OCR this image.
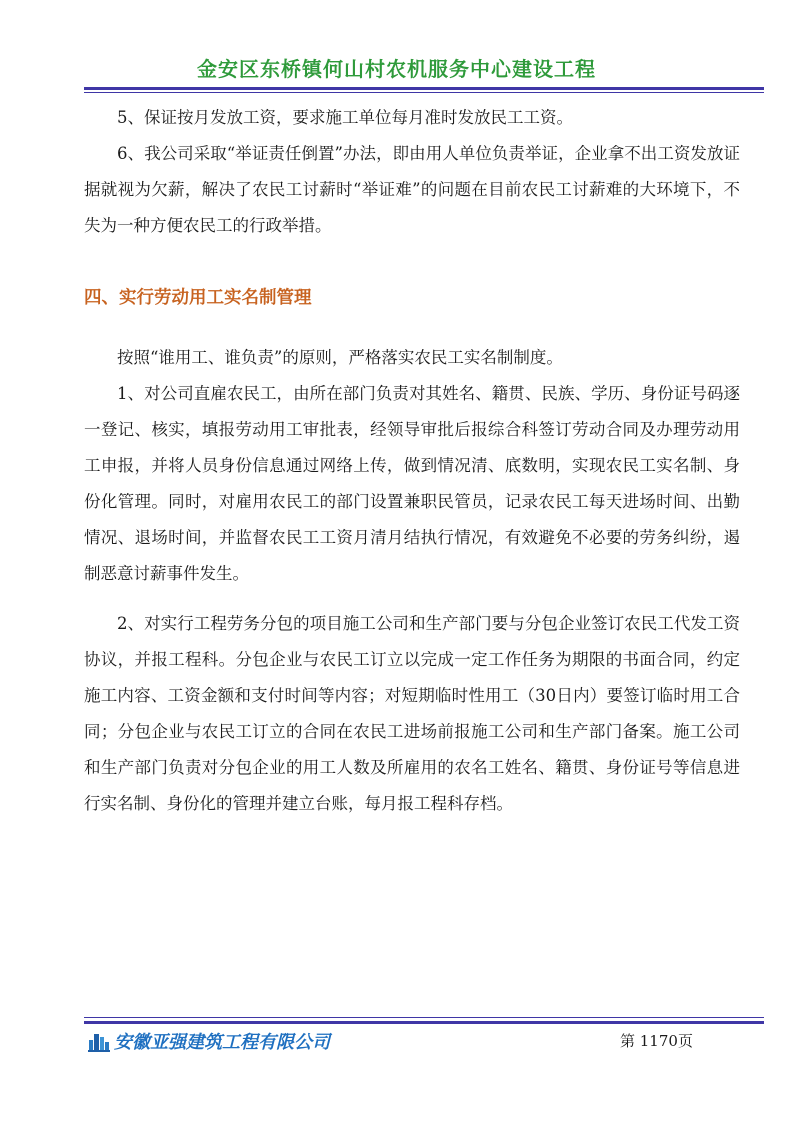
金安区东桥镇何山村农机服务中心建设工程

5、保证按月发放工资，要求施工单位每月准时发放民工工资。

6、我公司采取“举证责任倒置”办法，即由用人单位负责举证，企业拿不出工资发放证据就视为欠薪，解决了农民工讨薪时“举证难”的问题在目前农民工讨薪难的大环境下，不失为一种方便农民工的行政举措。

四、实行劳动用工实名制管理

按照“谁用工、谁负责”的原则，严格落实农民工实名制制度。

1、对公司直雇农民工，由所在部门负责对其姓名、籍贯、民族、学历、身份证号码逐一登记、核实，填报劳动用工审批表，经领导审批后报综合科签订劳动合同及办理劳动用工申报，并将人员身份信息通过网络上传，做到情况清、底数明，实现农民工实名制、身份化管理。同时，对雇用农民工的部门设置兼职民管员，记录农民工每天进场时间、出勤情况、退场时间，并监督农民工工资月清月结执行情况，有效避免不必要的劳务纠纷，遏制恶意讨薪事件发生。

2、对实行工程劳务分包的项目施工公司和生产部门要与分包企业签订农民工代发工资协议，并报工程科。分包企业与农民工订立以完成一定工作任务为期限的书面合同，约定施工内容、工资金额和支付时间等内容；对短期临时性用工（30日内）要签订临时用工合同；分包企业与农民工订立的合同在农民工进场前报施工公司和生产部门备案。施工公司和生产部门负责对分包企业的用工人数及所雇用的农名工姓名、籍贯、身份证号等信息进行实名制、身份化的管理并建立台账，每月报工程科存档。

安徽亚强建筑工程有限公司	第 1170页
